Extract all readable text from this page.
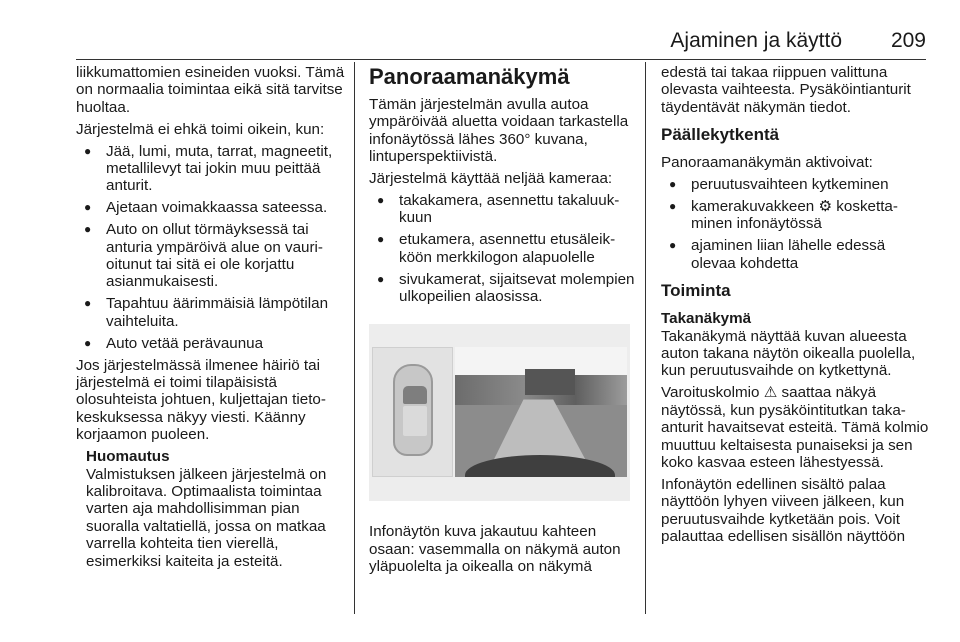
Ajaminen ja käyttö 209

liikkumattomien esineiden vuoksi. Tämä on normaalia toimintaa eikä sitä tarvitse huoltaa.

Järjestelmä ei ehkä toimi oikein, kun:

● Jää, lumi, muta, tarrat, magneetit, metallilevyt tai jokin muu peittää anturit.
● Ajetaan voimakkaassa sateessa.
● Auto on ollut törmäyksessä tai anturia ympäröivä alue on vaurioitunut tai sitä ei ole korjattu asianmukaisesti.
● Tapahtuu äärimmäisiä lämpötilan vaihteluita.
● Auto vetää perävaunua

Jos järjestelmässä ilmenee häiriö tai järjestelmä ei toimi tilapäisistä olosuhteista johtuen, kuljettajan tietokeskuksessa näkyy viesti. Käänny korjaamon puoleen.

Huomautus
Valmistuksen jälkeen järjestelmä on kalibroitava. Optimaalista toimintaa varten aja mahdollisimman pian suoralla valtatiellä, jossa on matkaa varrella kohteita tien vierellä, esimerkiksi kaiteita ja esteitä.
Panoraamanäkymä

Tämän järjestelmän avulla autoa ympäröivää aluetta voidaan tarkastella infonäytössä lähes 360° kuvana, lintuperspektiivistä.

Järjestelmä käyttää neljää kameraa:

● takakamera, asennettu takaluukkuun
● etukamera, asennettu etusäleikköön merkkilogon alapuolelle
● sivukamerat, sijaitsevat molempien ulkopeilien alaosissa.

Infonäytön kuva jakautuu kahteen osaan: vasemmalla on näkymä auton yläpuolelta ja oikealla on näkymä

edestä tai takaa riippuen valittuna olevasta vaihteesta. Pysäköintianturit täydentävät näkymän tiedot.

Päällekytkentä

Panoraamanäkymän aktivoivat:

● peruutusvaihteen kytkeminen
● kamerakuvakkeen ⚙ koskettaminen infonäytössä
● ajaminen liian lähelle edessä olevaa kohdetta
Toiminta
Takanäkymä

Takanäkymä näyttää kuvan alueesta auton takana näytön oikealla puolella, kun peruutusvaihde on kytkettynä.

Varoituskolmio ⚠ saattaa näkyä näytössä, kun pysäköintitutkan takaanturit havaitsevat esteitä. Tämä kolmio muuttuu keltaisesta punaiseksi ja sen koko kasvaa esteen lähestyessä.

Infonäytön edellinen sisältö palaa näyttöön lyhyen viiveen jälkeen, kun peruutusvaihde kytketään pois. Voit palauttaa edellisen sisällön näyttöön
